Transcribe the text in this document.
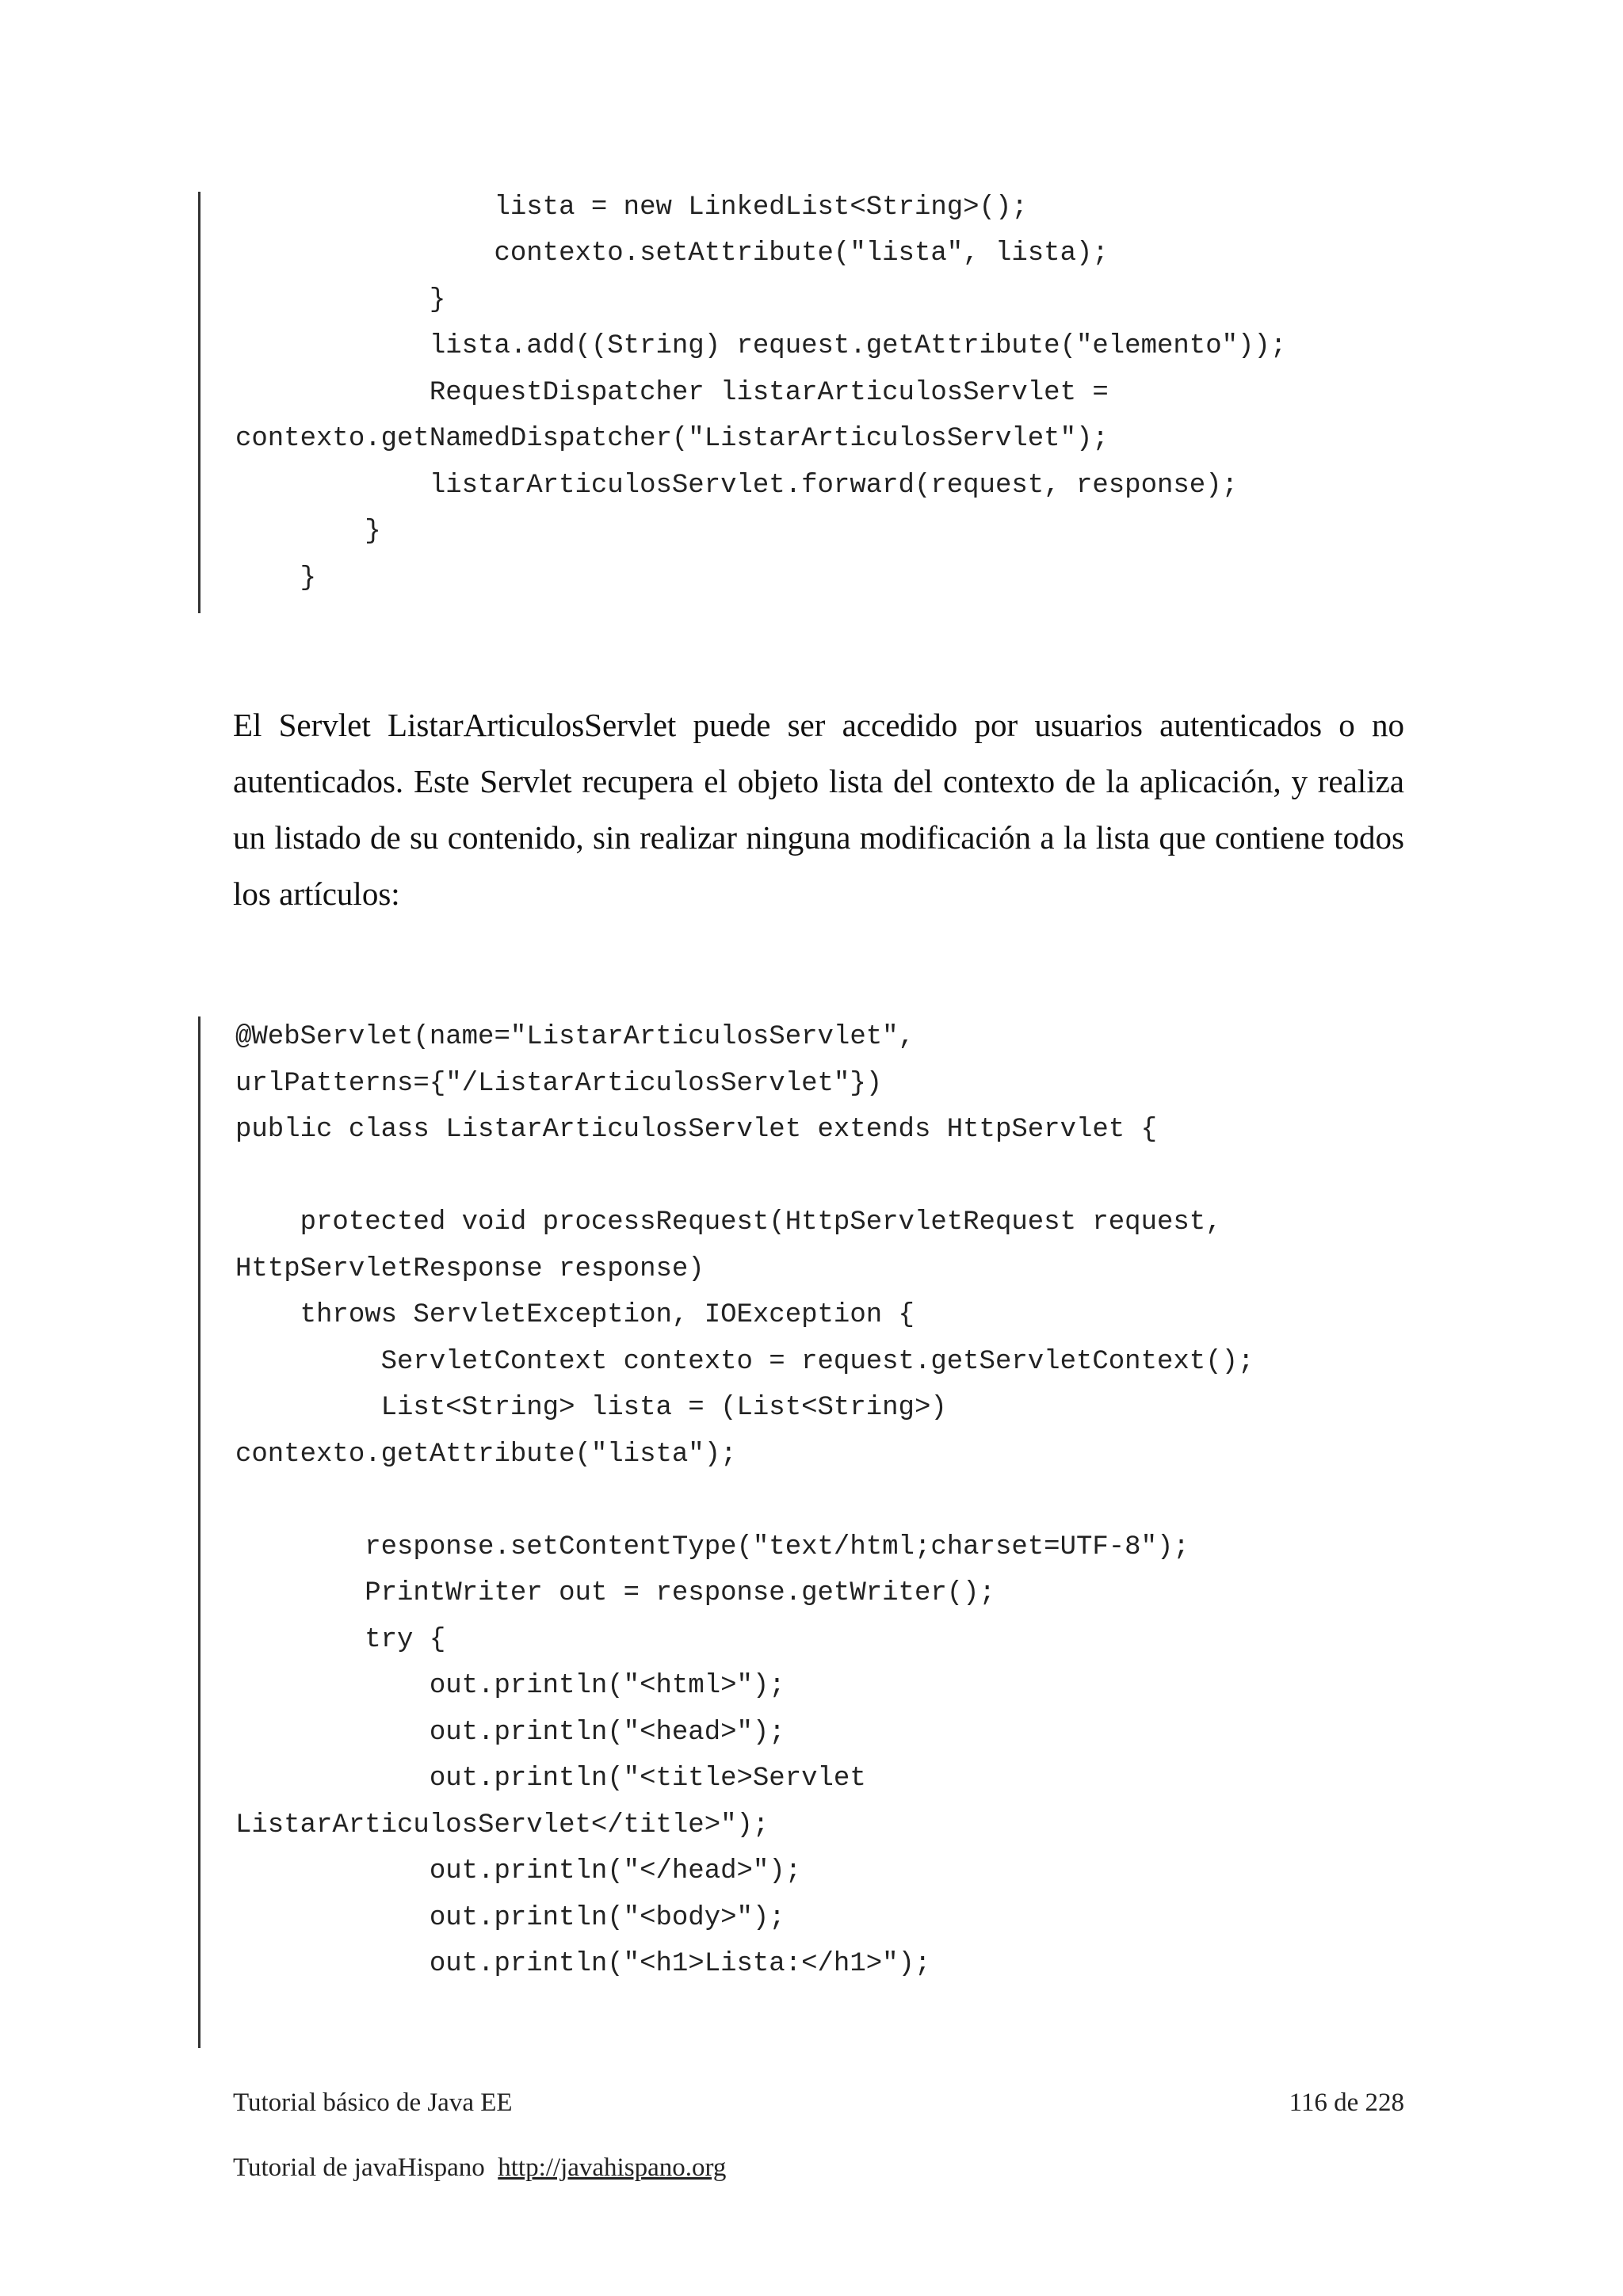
lista = new LinkedList<String>();
contexto.setAttribute("lista", lista);
}
lista.add((String) request.getAttribute("elemento"));
RequestDispatcher listarArticulosServlet =
contexto.getNamedDispatcher("ListarArticulosServlet");
listarArticulosServlet.forward(request, response);
}
}

El Servlet ListarArticulosServlet puede ser accedido por usuarios autenticados o no autenticados. Este Servlet recupera el objeto lista del contexto de la aplicación, y realiza un listado de su contenido, sin realizar ninguna modificación a la lista que contiene todos los artículos:

@WebServlet(name="ListarArticulosServlet",
urlPatterns={"/ListarArticulosServlet"})
public class ListarArticulosServlet extends HttpServlet {
protected void processRequest(HttpServletRequest request,
HttpServletResponse response)
throws ServletException, IOException {
ServletContext contexto = request.getServletContext();
List<String> lista = (List<String>)
contexto.getAttribute("lista");
response.setContentType("text/html;charset=UTF-8");
PrintWriter out = response.getWriter();
try {
out.println("<html>");
out.println("<head>");
out.println("<title>Servlet
ListarArticulosServlet</title>");
out.println("</head>");
out.println("<body>");
out.println("<h1>Lista:</h1>");
Tutorial básico de Java EE	116 de 228
Tutorial de javaHispano http://javahispano.org
